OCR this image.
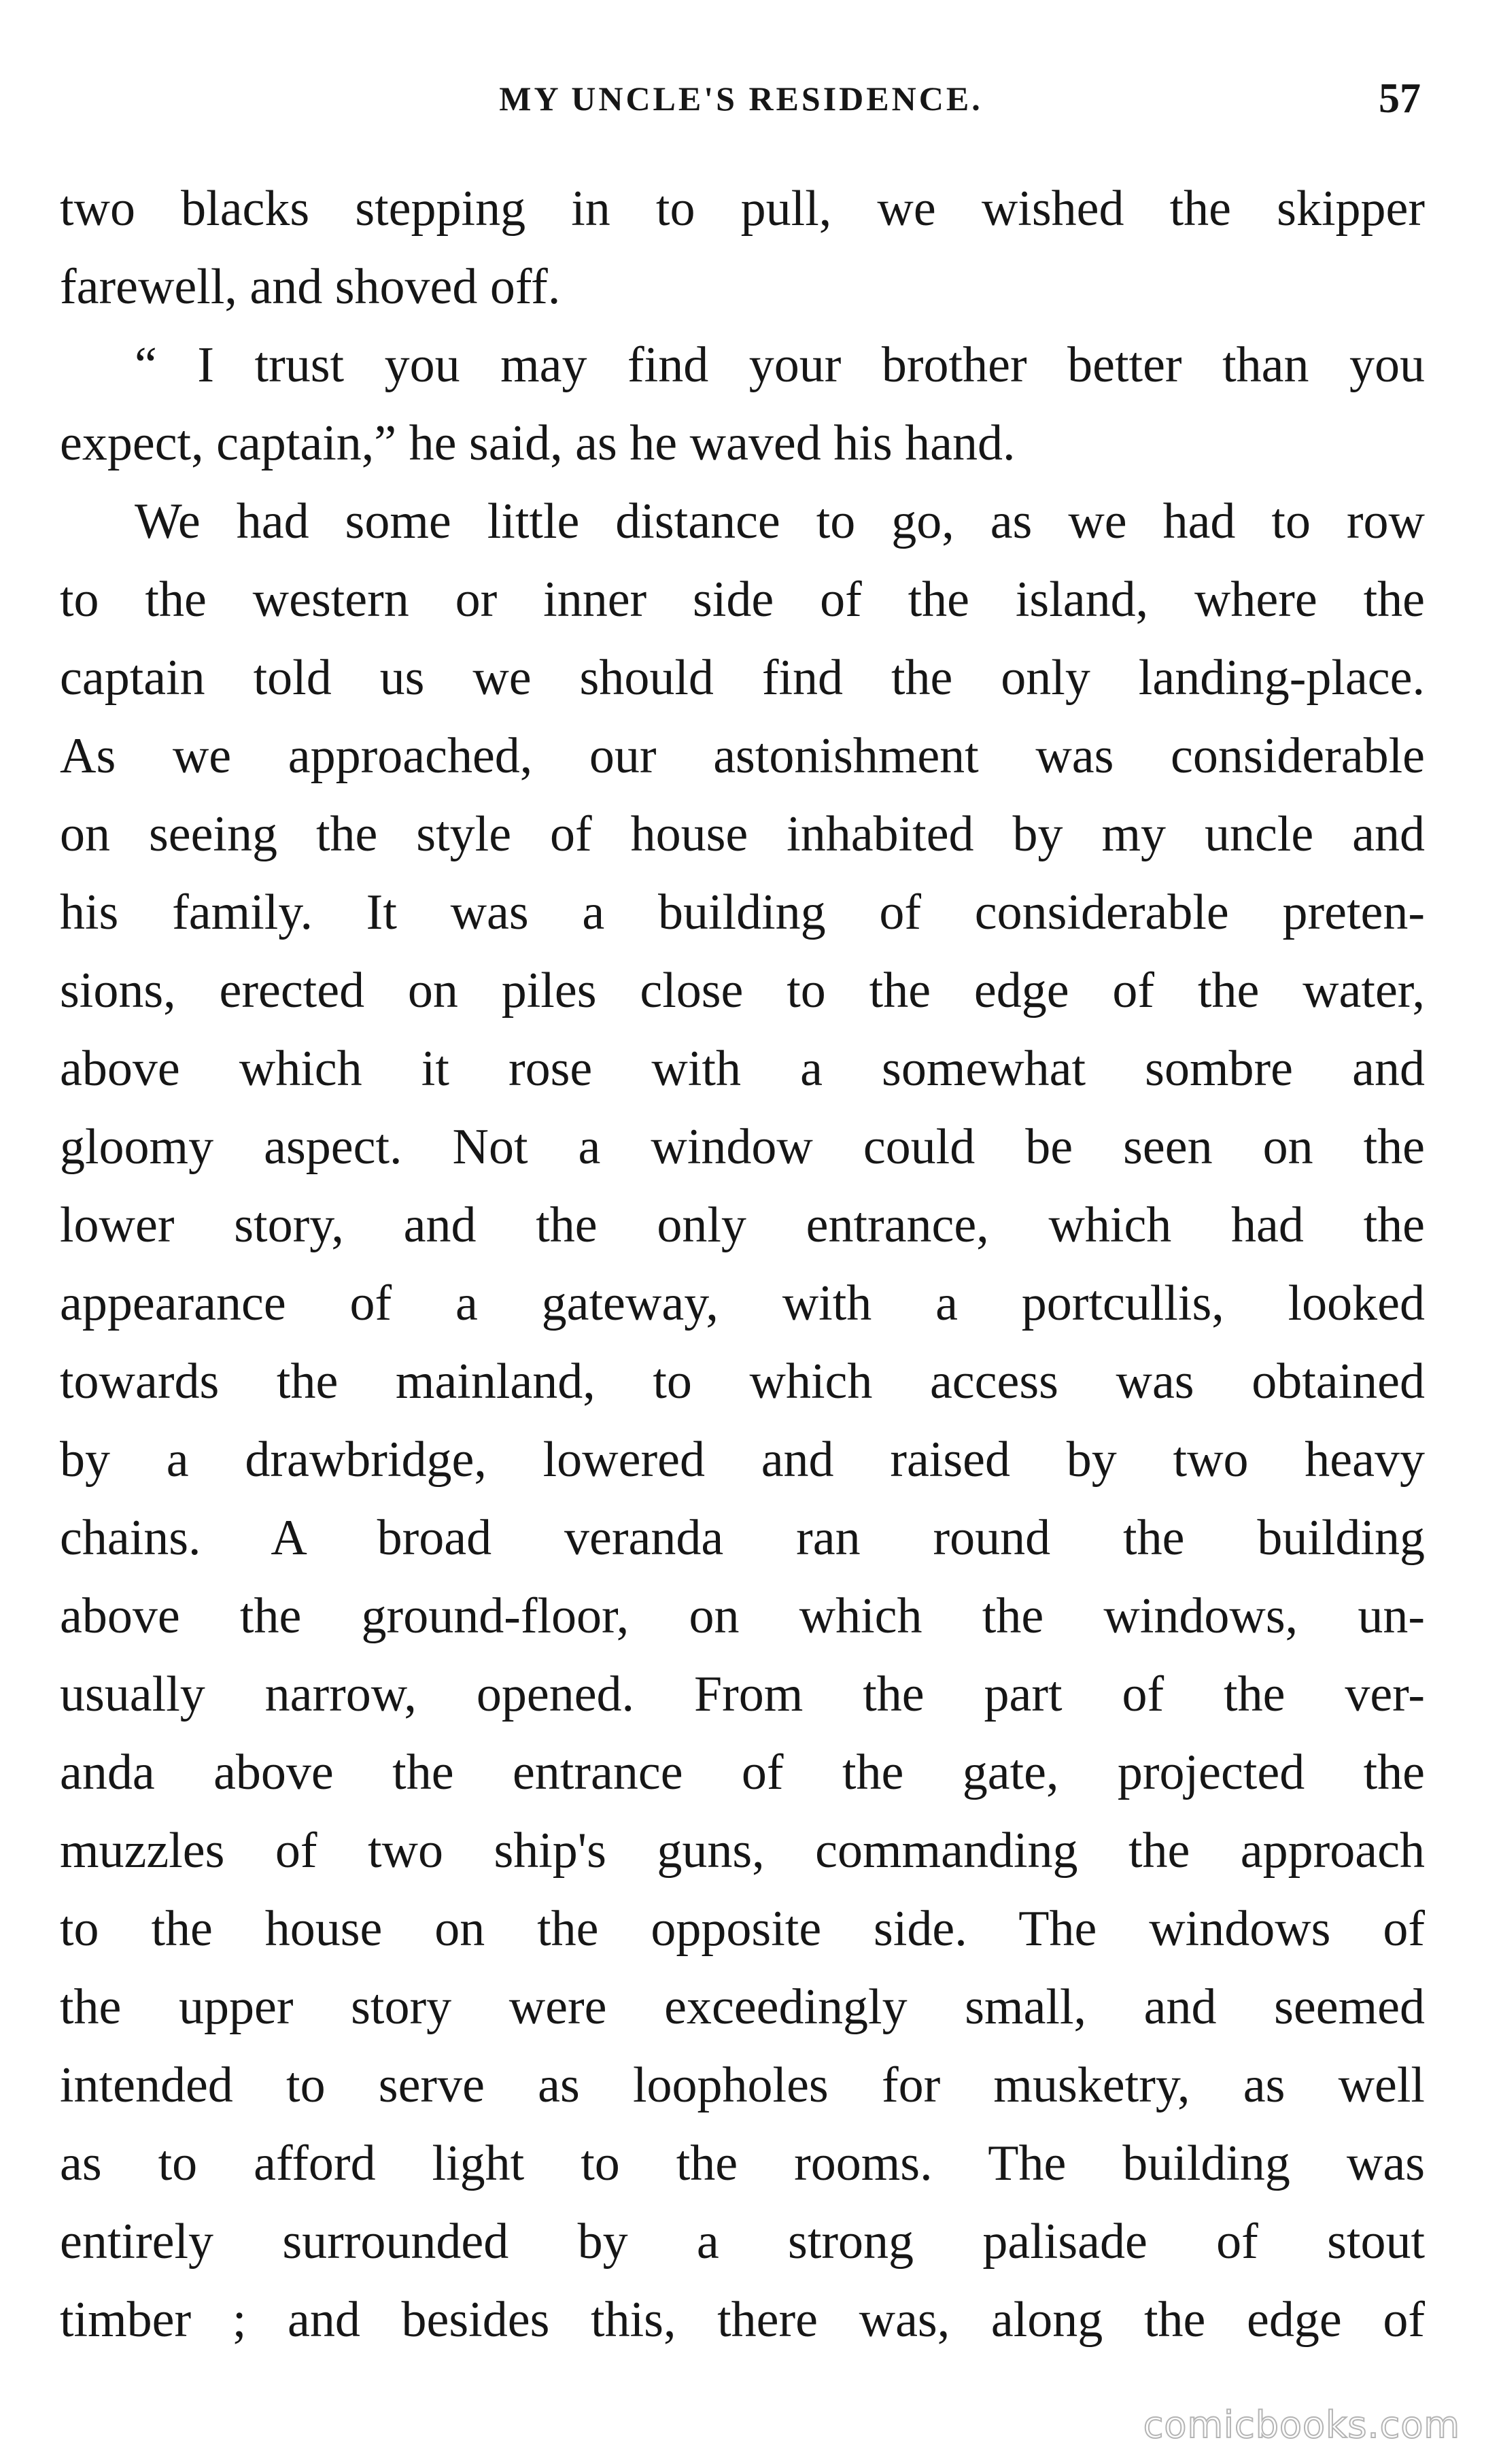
MY UNCLE'S RESIDENCE.	57
two blacks stepping in to pull, we wished the skipper
farewell, and shoved off.
“ I trust you may find your brother better than you
expect, captain,” he said, as he waved his hand.
We had some little distance to go, as we had to row
to the western or inner side of the island, where the
captain told us we should find the only landing-place.
As we approached, our astonishment was considerable
on seeing the style of house inhabited by my uncle and
his family. It was a building of considerable preten-
sions, erected on piles close to the edge of the water,
above which it rose with a somewhat sombre and
gloomy aspect. Not a window could be seen on the
lower story, and the only entrance, which had the
appearance of a gateway, with a portcullis, looked
towards the mainland, to which access was obtained
by a drawbridge, lowered and raised by two heavy
chains. A broad veranda ran round the building
above the ground-floor, on which the windows, un-
usually narrow, opened. From the part of the ver-
anda above the entrance of the gate, projected the
muzzles of two ship's guns, commanding the approach
to the house on the opposite side. The windows of
the upper story were exceedingly small, and seemed
intended to serve as loopholes for musketry, as well
as to afford light to the rooms. The building was
entirely surrounded by a strong palisade of stout
timber ; and besides this, there was, along the edge of
comicbooks.com
